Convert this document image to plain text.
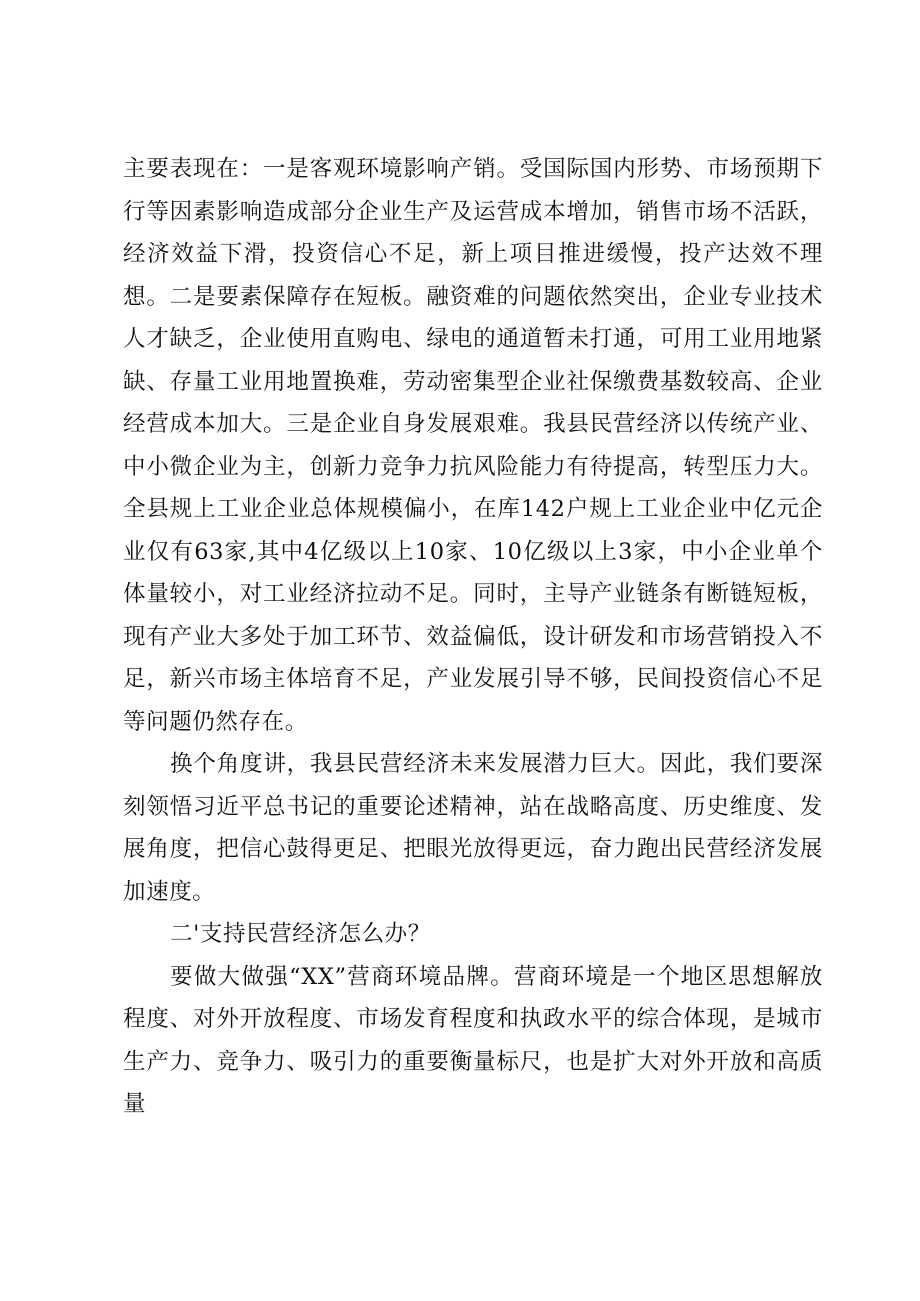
主要表现在：一是客观环境影响产销。受国际国内形势、市场预期下行等因素影响造成部分企业生产及运营成本增加，销售市场不活跃，经济效益下滑，投资信心不足，新上项目推进缓慢，投产达效不理想。二是要素保障存在短板。融资难的问题依然突出，企业专业技术人才缺乏，企业使用直购电、绿电的通道暂未打通，可用工业用地紧缺、存量工业用地置换难，劳动密集型企业社保缴费基数较高、企业经营成本加大。三是企业自身发展艰难。我县民营经济以传统产业、中小微企业为主，创新力竞争力抗风险能力有待提高，转型压力大。全县规上工业企业总体规模偏小，在库142户规上工业企业中亿元企业仅有63家,其中4亿级以上10家、10亿级以上3家，中小企业单个体量较小，对工业经济拉动不足。同时，主导产业链条有断链短板，现有产业大多处于加工环节、效益偏低，设计研发和市场营销投入不足，新兴市场主体培育不足，产业发展引导不够，民间投资信心不足等问题仍然存在。

换个角度讲，我县民营经济未来发展潜力巨大。因此，我们要深刻领悟习近平总书记的重要论述精神，站在战略高度、历史维度、发展角度，把信心鼓得更足、把眼光放得更远，奋力跑出民营经济发展加速度。

二'支持民营经济怎么办？

要做大做强“XX”营商环境品牌。营商环境是一个地区思想解放程度、对外开放程度、市场发育程度和执政水平的综合体现，是城市生产力、竞争力、吸引力的重要衡量标尺，也是扩大对外开放和高质量
